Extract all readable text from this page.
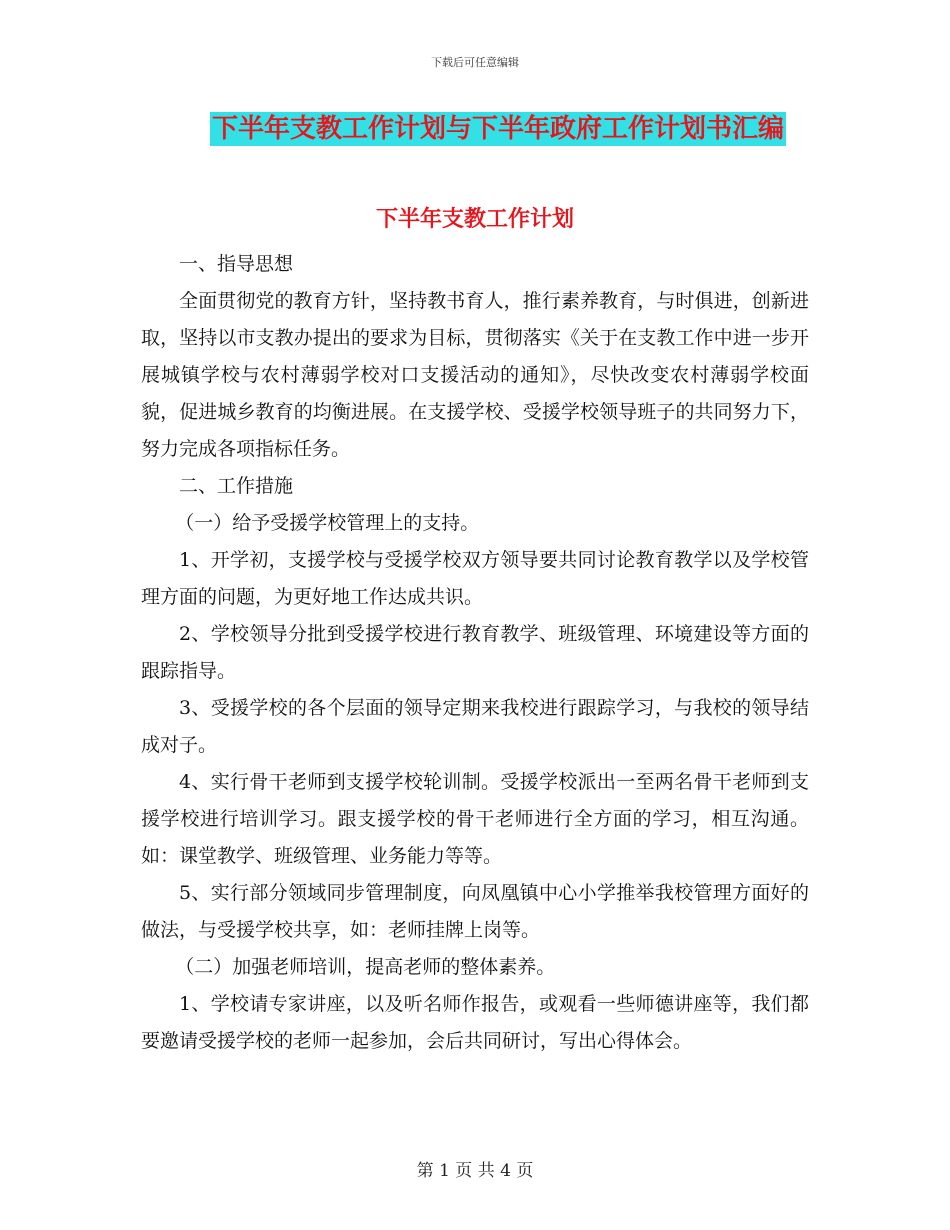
下载后可任意编辑
下半年支教工作计划与下半年政府工作计划书汇编
下半年支教工作计划

一、指导思想

全面贯彻党的教育方针，坚持教书育人，推行素养教育，与时俱进，创新进取，坚持以市支教办提出的要求为目标，贯彻落实《关于在支教工作中进一步开展城镇学校与农村薄弱学校对口支援活动的通知》，尽快改变农村薄弱学校面貌，促进城乡教育的均衡进展。在支援学校、受援学校领导班子的共同努力下，努力完成各项指标任务。

二、工作措施

（一）给予受援学校管理上的支持。

1、开学初，支援学校与受援学校双方领导要共同讨论教育教学以及学校管理方面的问题，为更好地工作达成共识。

2、学校领导分批到受援学校进行教育教学、班级管理、环境建设等方面的跟踪指导。

3、受援学校的各个层面的领导定期来我校进行跟踪学习，与我校的领导结成对子。

4、实行骨干老师到支援学校轮训制。受援学校派出一至两名骨干老师到支援学校进行培训学习。跟支援学校的骨干老师进行全方面的学习，相互沟通。如：课堂教学、班级管理、业务能力等等。

5、实行部分领域同步管理制度，向凤凰镇中心小学推举我校管理方面好的做法，与受援学校共享，如：老师挂牌上岗等。

（二）加强老师培训，提高老师的整体素养。

1、学校请专家讲座，以及听名师作报告，或观看一些师德讲座等，我们都要邀请受援学校的老师一起参加，会后共同研讨，写出心得体会。

第 1 页 共 4 页
